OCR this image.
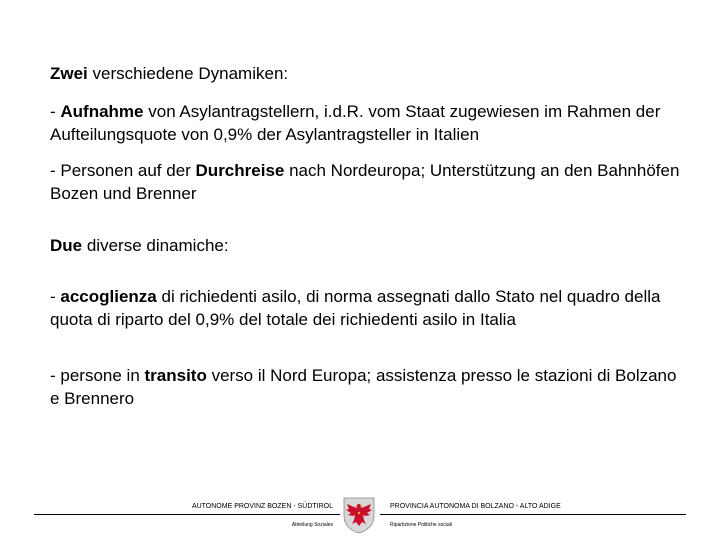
Zwei verschiedene Dynamiken:

- Aufnahme von Asylantragstellern, i.d.R. vom Staat zugewiesen im Rahmen der Aufteilungsquote von 0,9% der Asylantragsteller in Italien

- Personen auf der Durchreise nach Nordeuropa; Unterstützung an den Bahnhöfen Bozen und Brenner

Due diverse dinamiche:

- accoglienza di richiedenti asilo, di norma assegnati dallo Stato nel quadro della quota di riparto del 0,9% del totale dei richiedenti asilo in Italia

- persone in transito verso il Nord Europa; assistenza presso le stazioni di Bolzano e Brennero

AUTONOME PROVINZ BOZEN - SÜDTIROL
Abteilung Soziales
PROVINCIA AUTONOMA DI BOLZANO - ALTO ADIGE
Ripartizione Politiche sociali
